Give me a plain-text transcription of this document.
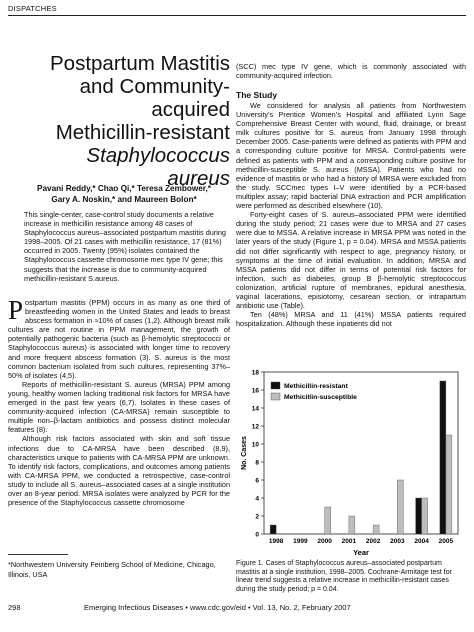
DISPATCHES
Postpartum Mastitis
and Community-
acquired
Methicillin-resistant
Staphylococcus
aureus
Pavani Reddy,* Chao Qi,* Teresa Zembower,*
Gary A. Noskin,* and Maureen Bolon*
This single-center, case-control study documents a relative increase in methicillin resistance among 48 cases of Staphylococcus aureus–associated postpartum mastitis during 1998–2005. Of 21 cases with methicillin resistance, 17 (81%) occurred in 2005. Twenty (95%) isolates contained the Staphylococcus cassette chromosome mec type IV gene; this suggests that the increase is due to community-acquired methicillin-resistant S.aureus.

Postpartum mastitis (PPM) occurs in as many as one third of breastfeeding women in the United States and leads to breast abscess formation in ≈10% of cases (1,2). Although breast milk cultures are not routine in PPM management, the growth of potentially pathogenic bacteria (such as β-hemolytic streptococci or Staphylococcus aureus) is associated with longer time to recovery and more frequent abscess formation (3). S. aureus is the most common bacterium isolated from such cultures, representing 37%–50% of isolates (4,5).

Reports of methicillin-resistant S. aureus (MRSA) PPM among young, healthy women lacking traditional risk factors for MRSA have emerged in the past few years (6,7). Isolates in these cases of community-acquired infection (CA-MRSA) remain susceptible to multiple non–β-lactam antibiotics and possess distinct molecular features (8).

Although risk factors associated with skin and soft tissue infections due to CA-MRSA have been described (8,9), characteristics unique to patients with CA-MRSA PPM are unknown. To identify risk factors, complications, and outcomes among patients with CA-MRSA PPM, we conducted a retrospective, case-control study to include all S. aureus–associated cases at a single institution over an 8-year period. MRSA isolates were analyzed by PCR for the presence of the Staphylococcus cassette chromosome

*Northwestern University Feinberg School of Medicine, Chicago, Illinois, USA
(SCC) mec type IV gene, which is commonly associated with community-acquired infection.
The Study

We considered for analysis all patients from Northwestern University’s Prentice Women’s Hospital and affiliated Lynn Sage Comprehensive Breast Center with wound, fluid, drainage, or breast milk cultures positive for S. aureus from January 1998 through December 2005. Case-patients were defined as patients with PPM and a corresponding culture positive for MRSA. Control-patients were defined as patients with PPM and a corresponding culture positive for methicillin-susceptible S. aureus (MSSA). Patients who had no evidence of mastitis or who had a history of MRSA were excluded from the study. SCCmec types I–V were identified by a PCR-based multiplex assay; rapid bacterial DNA extraction and PCR amplification were performed as described elsewhere (10).

Forty-eight cases of S. aureus–associated PPM were identified during the study period; 21 cases were due to MRSA and 27 cases were due to MSSA. A relative increase in MRSA PPM was noted in the later years of the study (Figure 1, p = 0.04). MRSA and MSSA patients did not differ significantly with respect to age, pregnancy history, or symptoms at the time of initial evaluation. In addition, MRSA and MSSA patients did not differ in terms of potential risk factors for infection, such as diabetes, group B β-hemolytic streptococcus colonization, artificial rupture of membranes, epidural anesthesia, vaginal lacerations, episiotomy, cesarean section, or intrapartum antibiotic use (Table).

Ten (48%) MRSA and 11 (41%) MSSA patients required hospitalization. Although these inpatients did not

0
2
4
6
8
10
12
14
16
18
No. Cases
1998 1999 2000 2001 2002 2003 2004 2005
Year
Methicillin-resistant
Methicillin-susceptible
Figure 1. Cases of Staphylococcus aureus–associated postpartum mastitis at a single institution, 1998–2005. Cochrane-Armitage test for linear trend suggests a relative increase in methicillin-resistant cases during the study period; p = 0.04.
298	Emerging Infectious Diseases • www.cdc.gov/eid • Vol. 13, No. 2, February 2007
